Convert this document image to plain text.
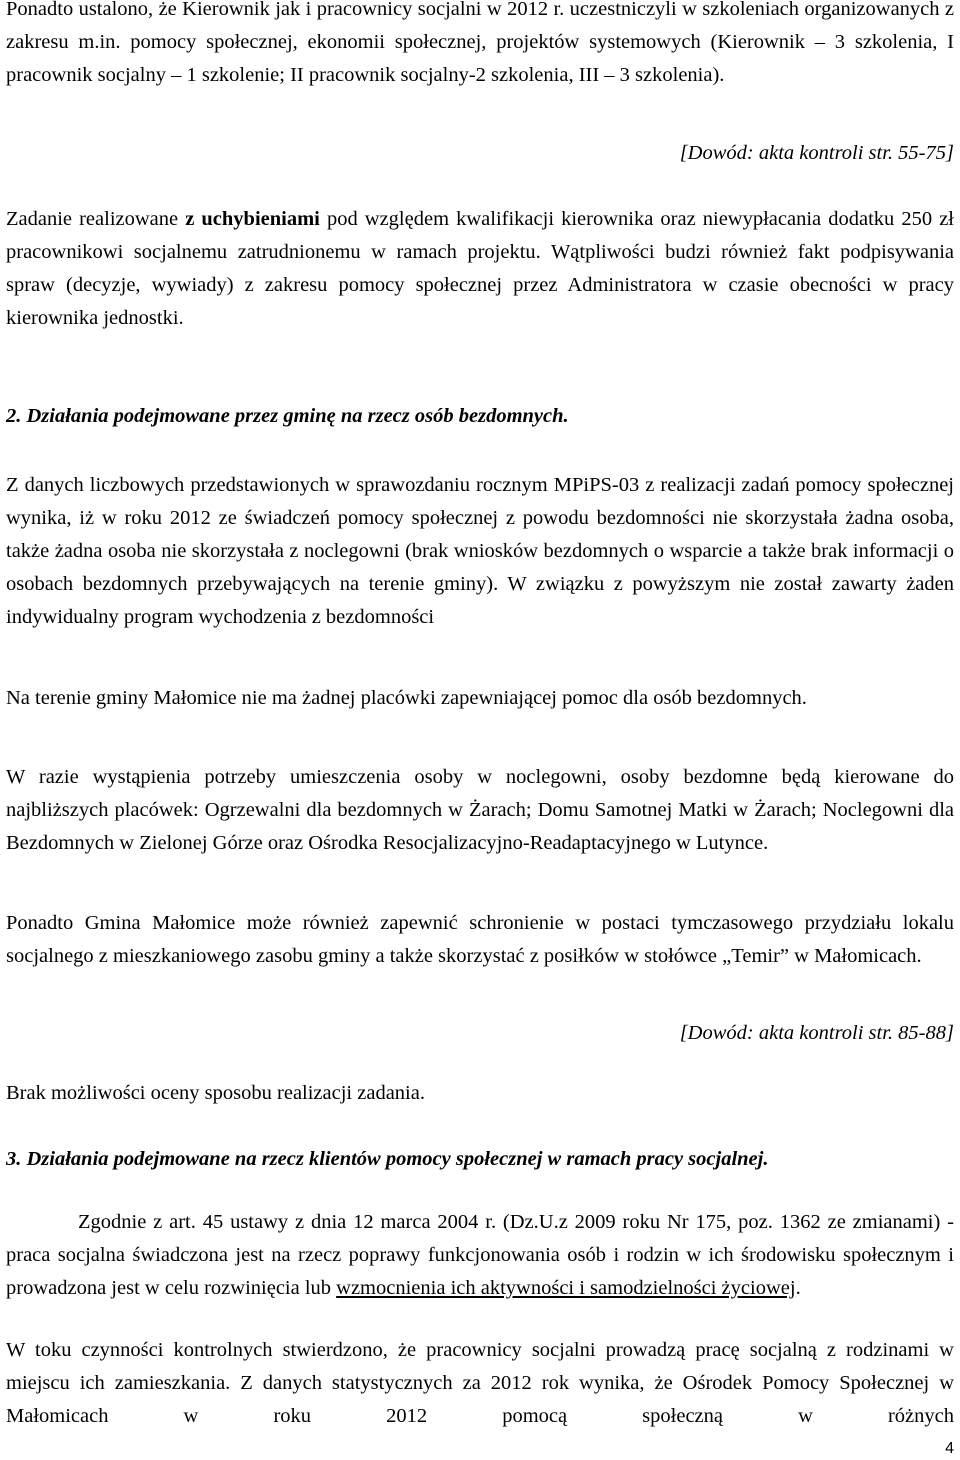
Ponadto ustalono, że Kierownik jak i pracownicy socjalni w 2012 r. uczestniczyli w szkoleniach organizowanych z zakresu m.in. pomocy społecznej, ekonomii społecznej, projektów systemowych (Kierownik – 3 szkolenia, I pracownik socjalny – 1 szkolenie; II pracownik socjalny-2 szkolenia, III – 3 szkolenia).

[Dowód: akta kontroli str. 55-75]

Zadanie realizowane z uchybieniami pod względem kwalifikacji kierownika oraz niewypłacania dodatku 250 zł pracownikowi socjalnemu zatrudnionemu w ramach projektu. Wątpliwości budzi również fakt podpisywania spraw (decyzje, wywiady) z zakresu pomocy społecznej przez Administratora w czasie obecności w pracy kierownika jednostki.

2. Działania podejmowane przez gminę na rzecz osób bezdomnych.

Z danych liczbowych przedstawionych w sprawozdaniu rocznym MPiPS-03 z realizacji zadań pomocy społecznej wynika, iż w roku 2012 ze świadczeń pomocy społecznej z powodu bezdomności nie skorzystała żadna osoba, także żadna osoba nie skorzystała z noclegowni (brak wniosków bezdomnych o wsparcie a także brak informacji o osobach bezdomnych przebywających na terenie gminy). W związku z powyższym nie został zawarty żaden indywidualny program wychodzenia z bezdomności

Na terenie gminy Małomice nie ma żadnej placówki zapewniającej pomoc dla osób bezdomnych.

W razie wystąpienia potrzeby umieszczenia osoby w noclegowni, osoby bezdomne będą kierowane do najbliższych placówek: Ogrzewalni dla bezdomnych w Żarach; Domu Samotnej Matki w Żarach; Noclegowni dla Bezdomnych w Zielonej Górze oraz Ośrodka Resocjalizacyjno-Readaptacyjnego w Lutynce.

Ponadto Gmina Małomice może również zapewnić schronienie w postaci tymczasowego przydziału lokalu socjalnego z mieszkaniowego zasobu gminy a także skorzystać z posiłków w stołówce „Temir” w Małomicach.

[Dowód: akta kontroli str. 85-88]

Brak możliwości oceny sposobu realizacji zadania.

3. Działania podejmowane na rzecz klientów pomocy społecznej w ramach pracy socjalnej.

Zgodnie z art. 45 ustawy z dnia 12 marca 2004 r. (Dz.U.z 2009 roku Nr 175, poz. 1362 ze zmianami) - praca socjalna świadczona jest na rzecz poprawy funkcjonowania osób i rodzin w ich środowisku społecznym i prowadzona jest w celu rozwinięcia lub wzmocnienia ich aktywności i samodzielności życiowej.

W toku czynności kontrolnych stwierdzono, że pracownicy socjalni prowadzą pracę socjalną z rodzinami w miejscu ich zamieszkania. Z danych statystycznych za 2012 rok wynika, że Ośrodek Pomocy Społecznej w Małomicach w roku 2012 pomocą społeczną w różnych

4
